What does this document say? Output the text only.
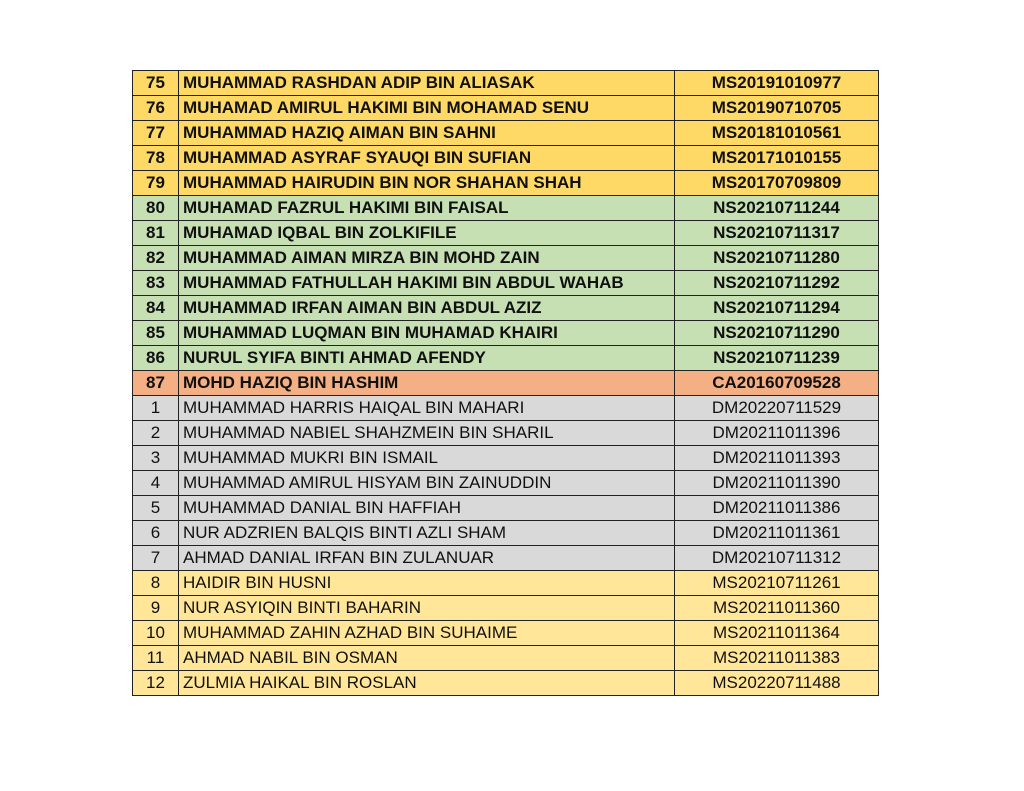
75	MUHAMMAD RASHDAN ADIP BIN ALIASAK	MS20191010977
76	MUHAMAD AMIRUL HAKIMI BIN MOHAMAD SENU	MS20190710705
77	MUHAMMAD HAZIQ AIMAN BIN SAHNI	MS20181010561
78	MUHAMMAD ASYRAF SYAUQI BIN SUFIAN	MS20171010155
79	MUHAMMAD HAIRUDIN BIN NOR SHAHAN SHAH	MS20170709809
80	MUHAMAD FAZRUL HAKIMI BIN FAISAL	NS20210711244
81	MUHAMAD IQBAL BIN ZOLKIFILE	NS20210711317
82	MUHAMMAD AIMAN MIRZA BIN MOHD ZAIN	NS20210711280
83	MUHAMMAD FATHULLAH HAKIMI BIN ABDUL WAHAB	NS20210711292
84	MUHAMMAD IRFAN AIMAN BIN ABDUL AZIZ	NS20210711294
85	MUHAMMAD LUQMAN BIN MUHAMAD KHAIRI	NS20210711290
86	NURUL SYIFA BINTI AHMAD AFENDY	NS20210711239
87	MOHD HAZIQ BIN HASHIM	CA20160709528
1	MUHAMMAD HARRIS HAIQAL BIN MAHARI	DM20220711529
2	MUHAMMAD NABIEL SHAHZMEIN BIN SHARIL	DM20211011396
3	MUHAMMAD MUKRI BIN ISMAIL	DM20211011393
4	MUHAMMAD AMIRUL HISYAM BIN ZAINUDDIN	DM20211011390
5	MUHAMMAD DANIAL BIN HAFFIAH	DM20211011386
6	NUR ADZRIEN BALQIS BINTI AZLI SHAM	DM20211011361
7	AHMAD DANIAL IRFAN BIN ZULANUAR	DM20210711312
8	HAIDIR BIN HUSNI	MS20210711261
9	NUR ASYIQIN BINTI BAHARIN	MS20211011360
10	MUHAMMAD ZAHIN AZHAD BIN SUHAIME	MS20211011364
11	AHMAD NABIL BIN OSMAN	MS20211011383
12	ZULMIA HAIKAL BIN ROSLAN	MS20220711488
